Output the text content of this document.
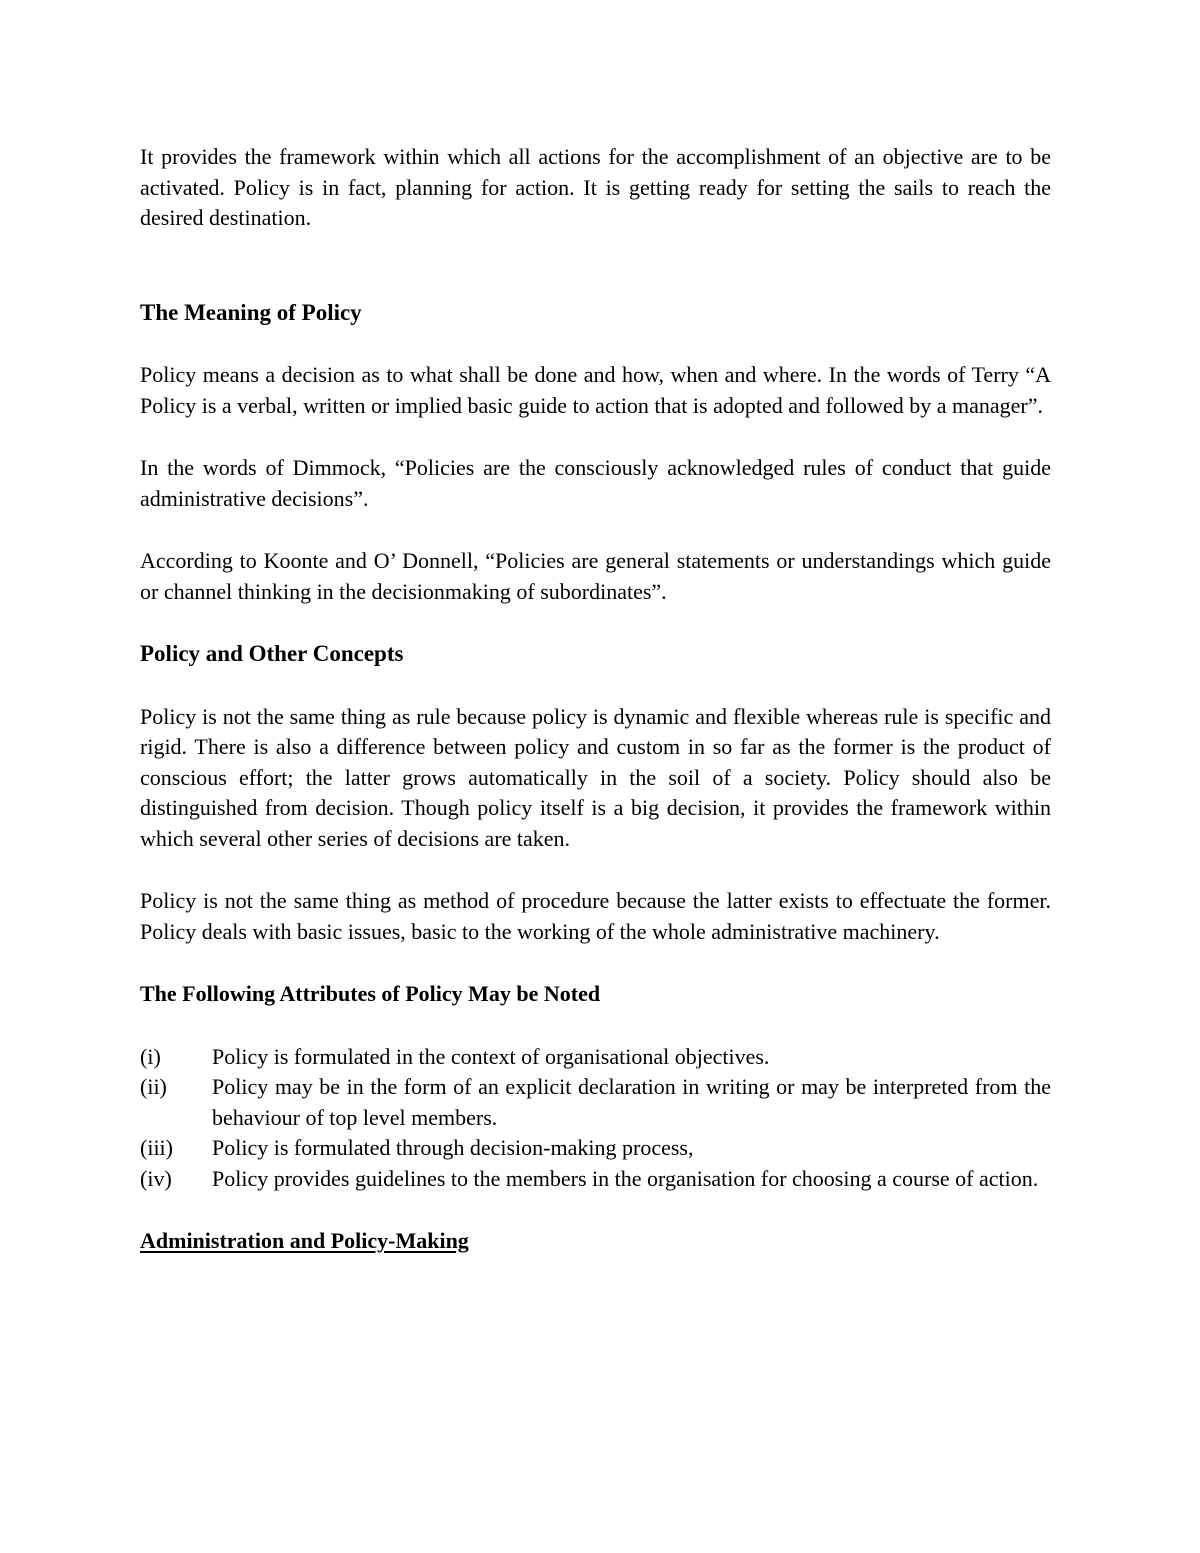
It provides the framework within which all actions for the accomplishment of an objective are to be activated. Policy is in fact, planning for action. It is getting ready for setting the sails to reach the desired destination.

The Meaning of Policy

Policy means a decision as to what shall be done and how, when and where. In the words of Terry “A Policy is a verbal, written or implied basic guide to action that is adopted and followed by a manager”.

In the words of Dimmock, “Policies are the consciously acknowledged rules of conduct that guide administrative decisions”.

According to Koonte and O’ Donnell, “Policies are general statements or understandings which guide or channel thinking in the decisionmaking of subordinates”.

Policy and Other Concepts

Policy is not the same thing as rule because policy is dynamic and flexible whereas rule is specific and rigid. There is also a difference between policy and custom in so far as the former is the product of conscious effort; the latter grows automatically in the soil of a society. Policy should also be distinguished from decision. Though policy itself is a big decision, it provides the framework within which several other series of decisions are taken.

Policy is not the same thing as method of procedure because the latter exists to effectuate the former. Policy deals with basic issues, basic to the working of the whole administrative machinery.

The Following Attributes of Policy May be Noted
(i) Policy is formulated in the context of organisational objectives.
(ii) Policy may be in the form of an explicit declaration in writing or may be interpreted from the behaviour of top level members.
(iii) Policy is formulated through decision-making process,
(iv) Policy provides guidelines to the members in the organisation for choosing a course of action.
Administration and Policy-Making
